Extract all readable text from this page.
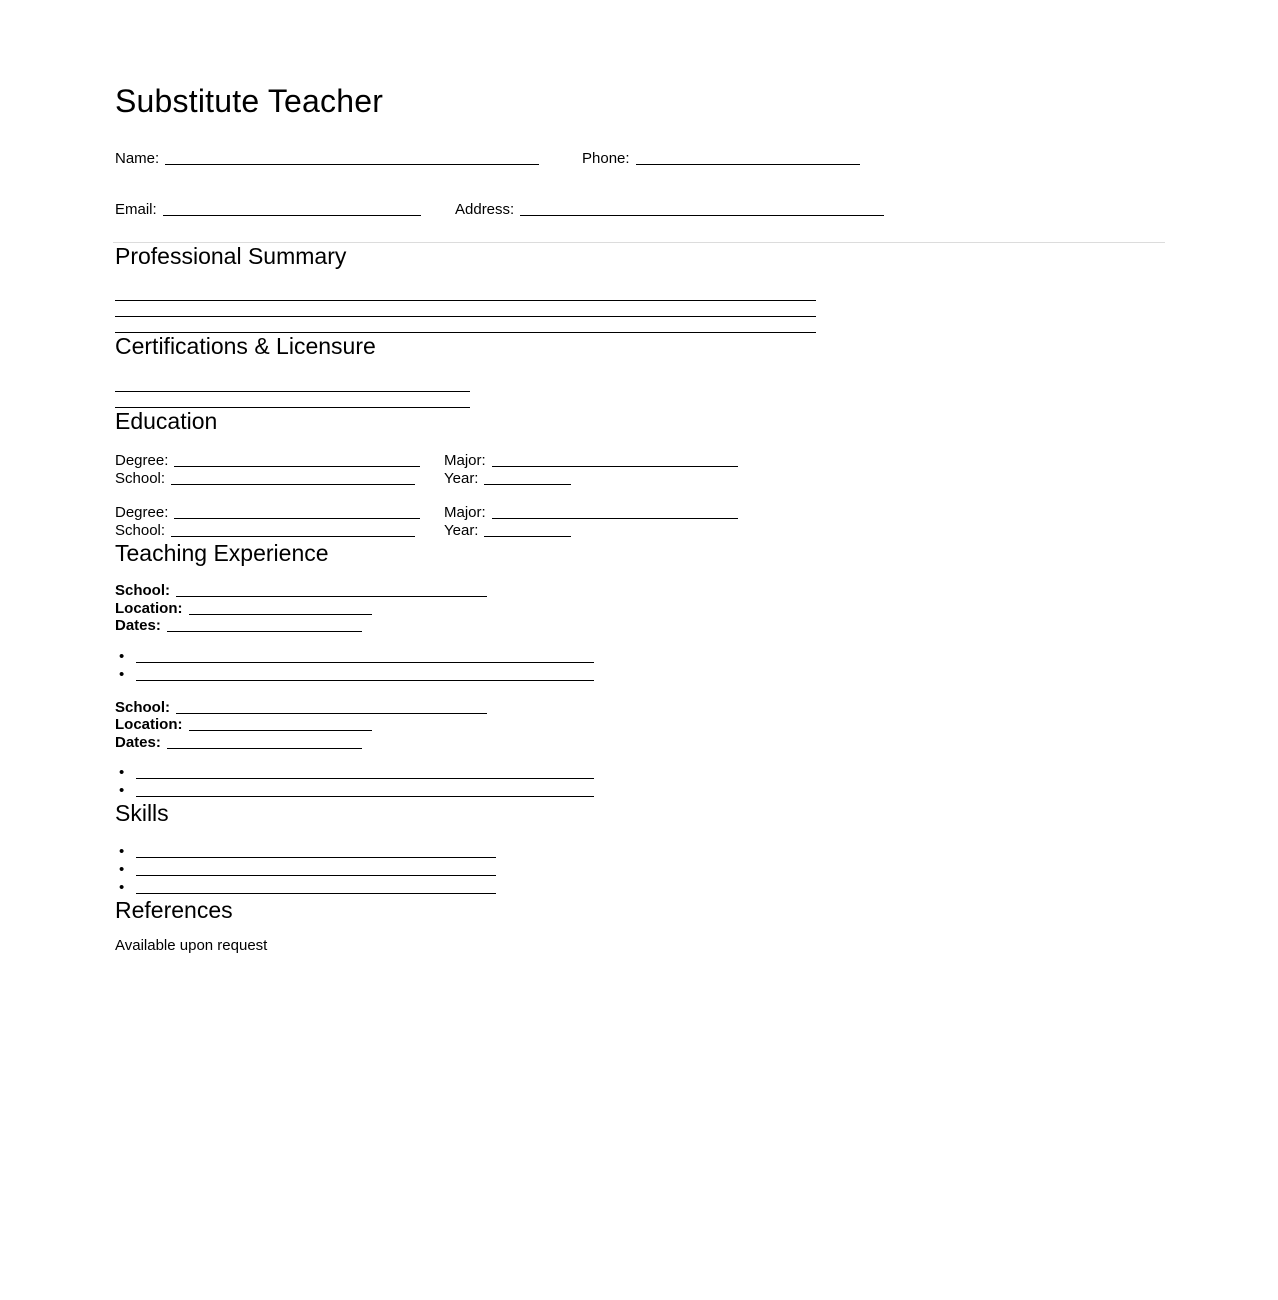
Substitute Teacher
Name:	Phone:
Email:	Address:
Professional Summary
Certifications & Licensure
Education
Degree:	Major:
School:	Year:
Degree:	Major:
School:	Year:
Teaching Experience
School:
Location:
Dates:
•
•
School:
Location:
Dates:
•
•
Skills
•
•
•
References

Available upon request
